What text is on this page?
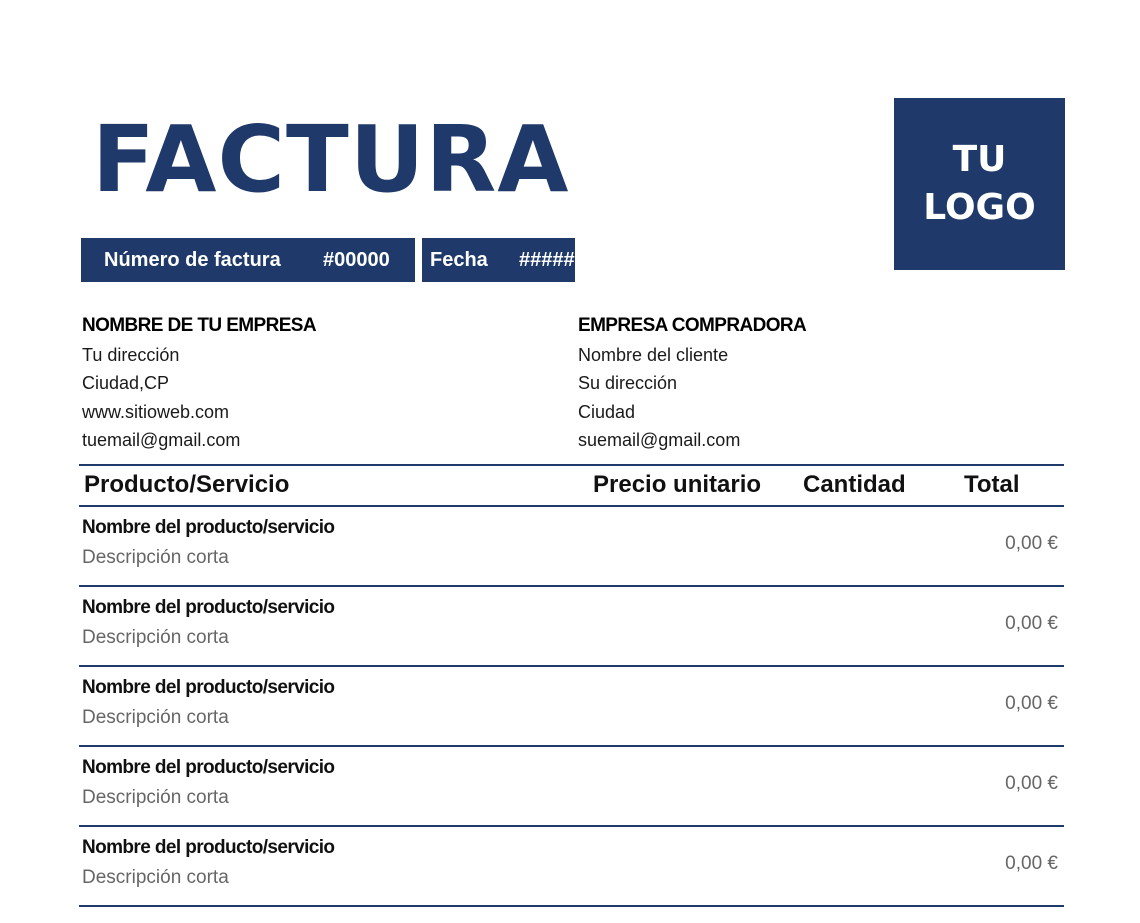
FACTURA	TU
LOGO
Número de factura #00000 Fecha #####
NOMBRE DE TU EMPRESA
Tu dirección
Ciudad,CP
www.sitioweb.com
tuemail@gmail.com
EMPRESA COMPRADORA
Nombre del cliente
Su dirección
Ciudad
suemail@gmail.com
Producto/Servicio	Precio unitario Cantidad Total
Nombre del producto/servicio
Descripción corta
0,00 €
Nombre del producto/servicio
Descripción corta
0,00 €
Nombre del producto/servicio
Descripción corta
0,00 €
Nombre del producto/servicio
Descripción corta
0,00 €
Nombre del producto/servicio
Descripción corta
0,00 €
